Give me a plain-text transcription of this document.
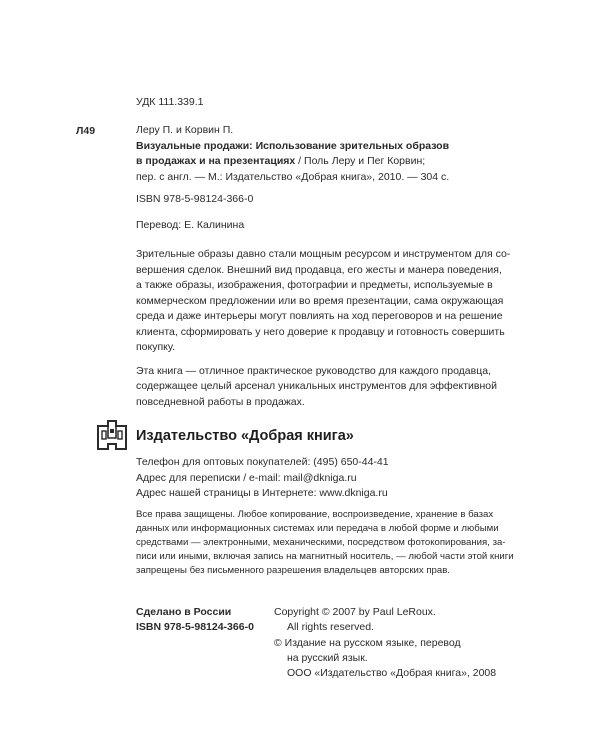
УДК 111.339.1
Л49	Леру П. и Корвин П.
Визуальные продажи: Использование зрительных образов
в продажах и на презентациях / Поль Леру и Пег Корвин;
пер. с англ. — М.: Издательство «Добрая книга», 2010. — 304 с.
ISBN 978-5-98124-366-0
Перевод: Е. Калинина
Зрительные образы давно стали мощным ресурсом и инструментом для со-
вершения сделок. Внешний вид продавца, его жесты и манера поведения,
а также образы, изображения, фотографии и предметы, используемые в
коммерческом предложении или во время презентации, сама окружающая
среда и даже интерьеры могут повлиять на ход переговоров и на решение
клиента, сформировать у него доверие к продавцу и готовность совершить
покупку.
Эта книга — отличное практическое руководство для каждого продавца,
содержащее целый арсенал уникальных инструментов для эффективной
повседневной работы в продажах.
Издательство «Добрая книга»
Телефон для оптовых покупателей: (495) 650-44-41
Адрес для переписки / e-mail: mail@dkniga.ru
Адрес нашей страницы в Интернете: www.dkniga.ru
Все права защищены. Любое копирование, воспроизведение, хранение в базах
данных или информационных системах или передача в любой форме и любыми
средствами — электронными, механическими, посредством фотокопирования, за-
писи или иными, включая запись на магнитный носитель, — любой части этой книги
запрещены без письменного разрешения владельцев авторских прав.
Сделано в России
ISBN 978-5-98124-366-0
Copyright © 2007 by Paul LeRoux.
All rights reserved.
© Издание на русском языке, перевод
на русский язык.
ООО «Издательство «Добрая книга», 2008
